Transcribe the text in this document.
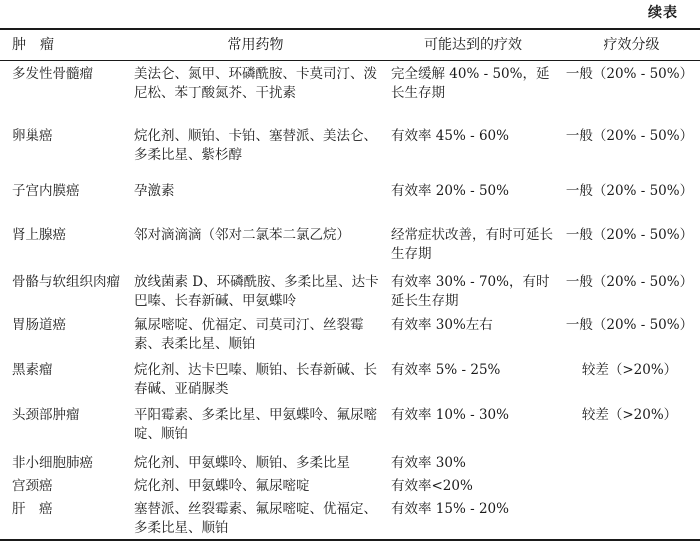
续表
肿　瘤	常用药物	可能达到的疗效	疗效分级
多发性骨髓瘤	美法仑、氮甲、环磷酰胺、卡莫司汀、泼尼松、苯丁酸氮芥、干扰素	完全缓解 40% - 50%，延长生存期	一般（20% - 50%）
卵巢癌	烷化剂、顺铂、卡铂、塞替派、美法仑、多柔比星、紫杉醇	有效率 45% - 60%	一般（20% - 50%）
子宫内膜癌	孕激素	有效率 20% - 50%	一般（20% - 50%）
肾上腺癌	邻对滴滴滴（邻对二氯苯二氯乙烷）	经常症状改善，有时可延长生存期	一般（20% - 50%）
骨骼与软组织肉瘤	放线菌素 D、环磷酰胺、多柔比星、达卡巴嗪、长春新碱、甲氨蝶呤	有效率 30% - 70%，有时延长生存期	一般（20% - 50%）
胃肠道癌	氟尿嘧啶、优福定、司莫司汀、丝裂霉素、表柔比星、顺铂	有效率 30%左右	一般（20% - 50%）
黑素瘤	烷化剂、达卡巴嗪、顺铂、长春新碱、长春碱、亚硝脲类	有效率 5% - 25%	较差（>20%）
头颈部肿瘤	平阳霉素、多柔比星、甲氨蝶呤、氟尿嘧啶、顺铂	有效率 10% - 30%	较差（>20%）
非小细胞肺癌	烷化剂、甲氨蝶呤、顺铂、多柔比星	有效率 30%	
宫颈癌	烷化剂、甲氨蝶呤、氟尿嘧啶	有效率<20%	
肝　癌	塞替派、丝裂霉素、氟尿嘧啶、优福定、多柔比星、顺铂	有效率 15% - 20%	
